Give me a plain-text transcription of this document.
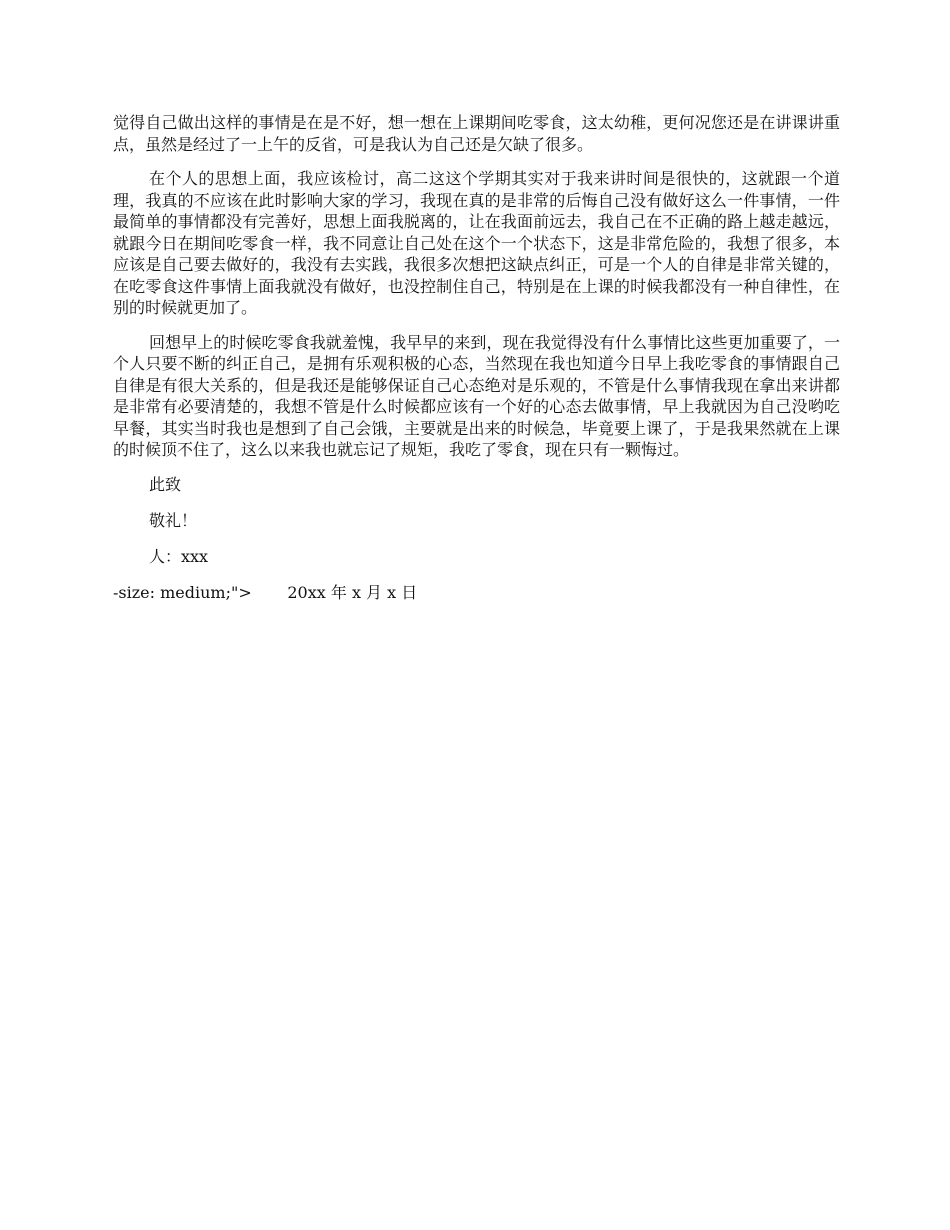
觉得自己做出这样的事情是在是不好，想一想在上课期间吃零食，这太幼稚，更何况您还是在讲课讲重点，虽然是经过了一上午的反省，可是我认为自己还是欠缺了很多。

在个人的思想上面，我应该检讨，高二这这个学期其实对于我来讲时间是很快的，这就跟一个道理，我真的不应该在此时影响大家的学习，我现在真的是非常的后悔自己没有做好这么一件事情，一件最简单的事情都没有完善好，思想上面我脱离的，让在我面前远去，我自己在不正确的路上越走越远，就跟今日在期间吃零食一样，我不同意让自己处在这个一个状态下，这是非常危险的，我想了很多，本应该是自己要去做好的，我没有去实践，我很多次想把这缺点纠正，可是一个人的自律是非常关键的，在吃零食这件事情上面我就没有做好，也没控制住自己，特别是在上课的时候我都没有一种自律性，在别的时候就更加了。

回想早上的时候吃零食我就羞愧，我早早的来到，现在我觉得没有什么事情比这些更加重要了，一个人只要不断的纠正自己，是拥有乐观积极的心态，当然现在我也知道今日早上我吃零食的事情跟自己自律是有很大关系的，但是我还是能够保证自己心态绝对是乐观的，不管是什么事情我现在拿出来讲都是非常有必要清楚的，我想不管是什么时候都应该有一个好的心态去做事情，早上我就因为自己没哟吃早餐，其实当时我也是想到了自己会饿，主要就是出来的时候急，毕竟要上课了，于是我果然就在上课的时候顶不住了，这么以来我也就忘记了规矩，我吃了零食，现在只有一颗悔过。

此致

敬礼！

人：xxx

-size: medium;"> 20xx 年 x 月 x 日
